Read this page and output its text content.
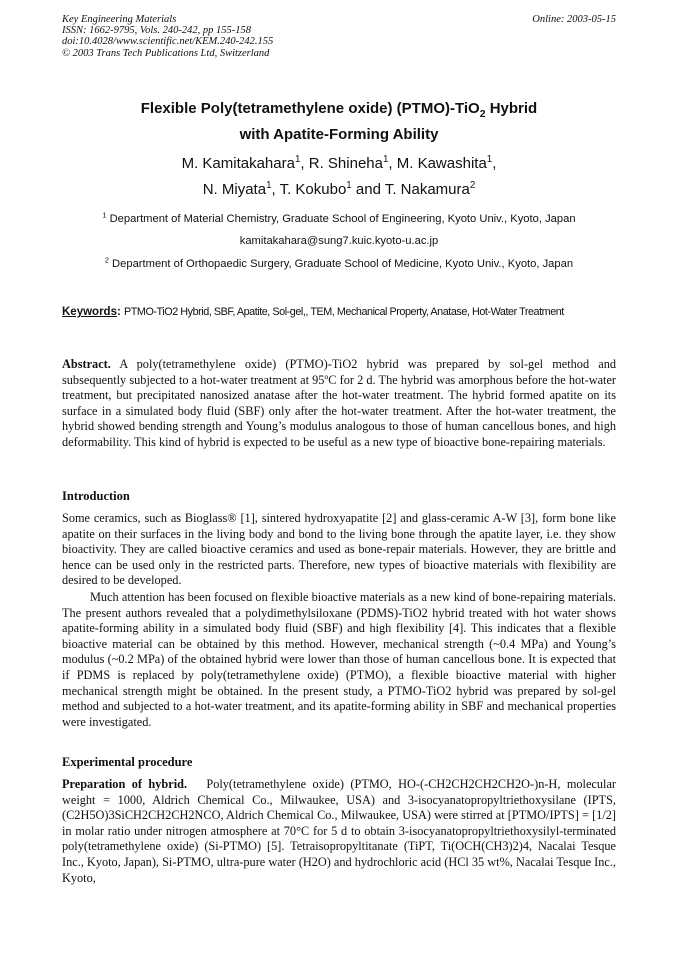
Key Engineering Materials
ISSN: 1662-9795, Vols. 240-242, pp 155-158
doi:10.4028/www.scientific.net/KEM.240-242.155
© 2003 Trans Tech Publications Ltd, Switzerland
Online: 2003-05-15
Flexible Poly(tetramethylene oxide) (PTMO)-TiO$_2$ Hybrid
with Apatite-Forming Ability
M. Kamitakahara$^1$, R. Shineha$^1$, M. Kawashita$^1$,
N. Miyata$^1$, T. Kokubo$^1$ and T. Nakamura$^2$
$^1$ Department of Material Chemistry, Graduate School of Engineering, Kyoto Univ., Kyoto, Japan
kamitakahara@sung7.kuic.kyoto-u.ac.jp
$^2$ Department of Orthopaedic Surgery, Graduate School of Medicine, Kyoto Univ., Kyoto, Japan
Keywords: PTMO-TiO2 Hybrid, SBF, Apatite, Sol-gel,, TEM, Mechanical Property, Anatase, Hot-Water Treatment

Abstract. A poly(tetramethylene oxide) (PTMO)-TiO2 hybrid was prepared by sol-gel method and subsequently subjected to a hot-water treatment at 95ºC for 2 d. The hybrid was amorphous before the hot-water treatment, but precipitated nanosized anatase after the hot-water treatment. The hybrid formed apatite on its surface in a simulated body fluid (SBF) only after the hot-water treatment. After the hot-water treatment, the hybrid showed bending strength and Young’s modulus analogous to those of human cancellous bones, and high deformability. This kind of hybrid is expected to be useful as a new type of bioactive bone-repairing materials.

Introduction

Some ceramics, such as Bioglass® [1], sintered hydroxyapatite [2] and glass-ceramic A-W [3], form bone like apatite on their surfaces in the living body and bond to the living bone through the apatite layer, i.e. they show bioactivity. They are called bioactive ceramics and used as bone-repair materials. However, they are brittle and hence can be used only in the restricted parts. Therefore, new types of bioactive materials with flexibility are desired to be developed.

Much attention has been focused on flexible bioactive materials as a new kind of bone-repairing materials. The present authors revealed that a polydimethylsiloxane (PDMS)-TiO2 hybrid treated with hot water shows apatite-forming ability in a simulated body fluid (SBF) and high flexibility [4]. This indicates that a flexible bioactive material can be obtained by this method. However, mechanical strength (~0.4 MPa) and Young’s modulus (~0.2 MPa) of the obtained hybrid were lower than those of human cancellous bone. It is expected that if PDMS is replaced by poly(tetramethylene oxide) (PTMO), a flexible bioactive material with higher mechanical strength might be obtained. In the present study, a PTMO-TiO2 hybrid was prepared by sol-gel method and subjected to a hot-water treatment, and its apatite-forming ability in SBF and mechanical properties were investigated.

Experimental procedure

Preparation of hybrid. Poly(tetramethylene oxide) (PTMO, HO-(-CH2CH2CH2CH2O-)n-H, molecular weight = 1000, Aldrich Chemical Co., Milwaukee, USA) and 3-isocyanatopropyltriethoxysilane (IPTS, (C2H5O)3SiCH2CH2CH2NCO, Aldrich Chemical Co., Milwaukee, USA) were stirred at [PTMO/IPTS] = [1/2] in molar ratio under nitrogen atmosphere at 70°C for 5 d to obtain 3-isocyanatopropyltriethoxysilyl-terminated poly(tetramethylene oxide) (Si-PTMO) [5]. Tetraisopropyltitanate (TiPT, Ti(OCH(CH3)2)4, Nacalai Tesque Inc., Kyoto, Japan), Si-PTMO, ultra-pure water (H2O) and hydrochloric acid (HCl 35 wt%, Nacalai Tesque Inc., Kyoto,
